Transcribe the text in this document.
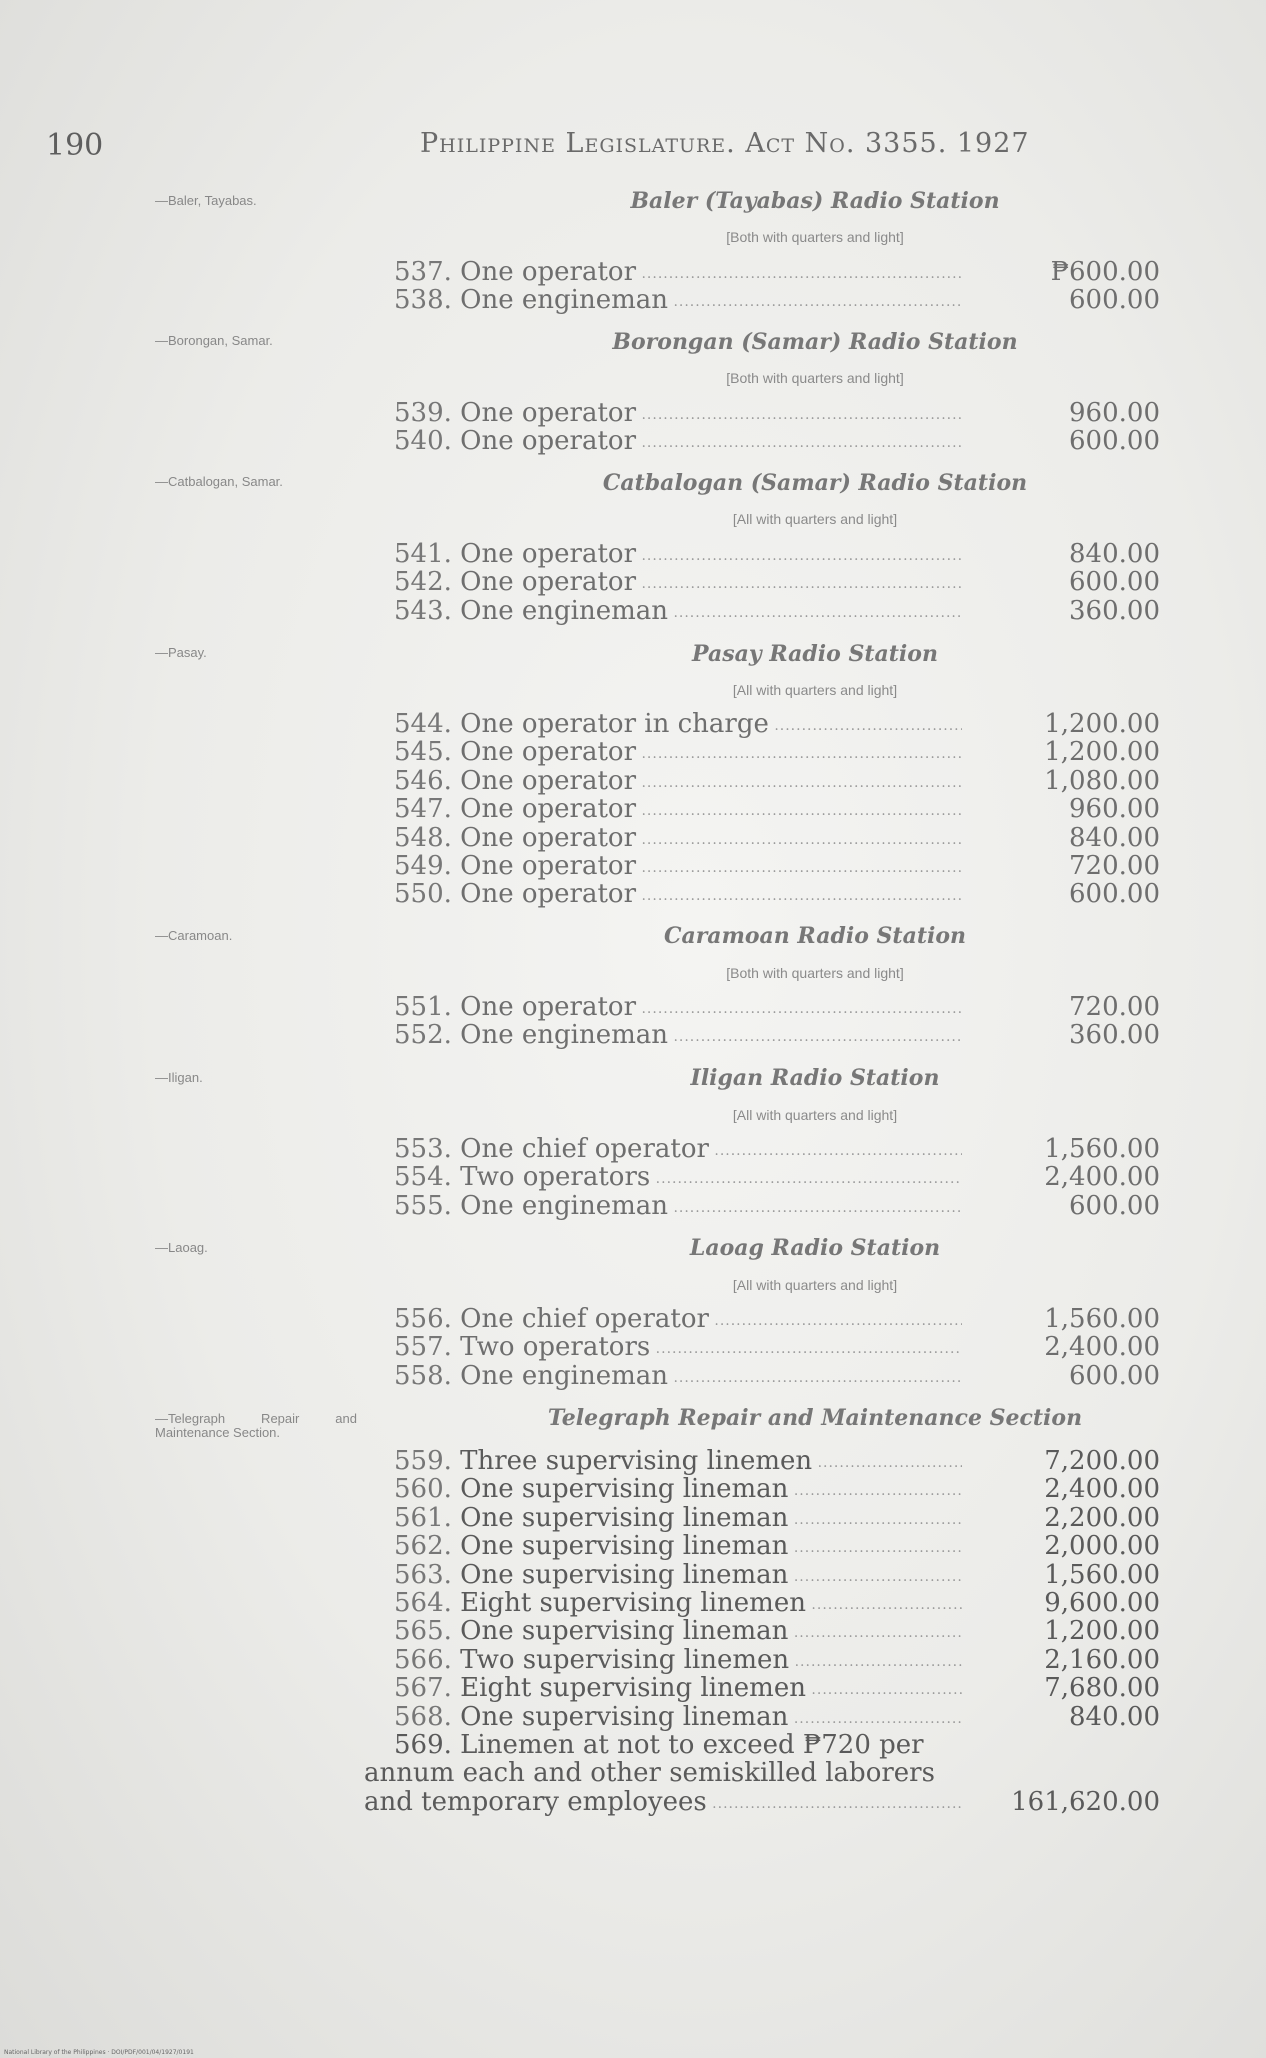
190	Philippine Legislature. Act No. 3355. 1927
—Baler, Tayabas.	Baler (Tayabas) Radio Station
[Both with quarters and light]
537. One operator .....	₱600.00
538. One engineman .....	600.00
—Borongan, Samar.	Borongan (Samar) Radio Station
[Both with quarters and light]
539. One operator .....	960.00
540. One operator .....	600.00
—Catbalogan, Samar.	Catbalogan (Samar) Radio Station
[All with quarters and light]
541. One operator .....	840.00
542. One operator .....	600.00
543. One engineman .....	360.00
—Pasay.	Pasay Radio Station
[All with quarters and light]
544. One operator in charge .....	1,200.00
545. One operator .....	1,200.00
546. One operator .....	1,080.00
547. One operator .....	960.00
548. One operator .....	840.00
549. One operator .....	720.00
550. One operator .....	600.00
—Caramoan.	Caramoan Radio Station
[Both with quarters and light]
551. One operator .....	720.00
552. One engineman .....	360.00
—Iligan.	Iligan Radio Station
[All with quarters and light]
553. One chief operator .....	1,560.00
554. Two operators .....	2,400.00
555. One engineman .....	600.00
—Laoag.	Laoag Radio Station
[All with quarters and light]
556. One chief operator .....	1,560.00
557. Two operators .....	2,400.00
558. One engineman .....	600.00
—Telegraph Repair and Maintenance Section.
Telegraph Repair and Maintenance Section
559. Three supervising linemen .....	7,200.00
560. One supervising lineman .....	2,400.00
561. One supervising lineman .....	2,200.00
562. One supervising lineman .....	2,000.00
563. One supervising lineman .....	1,560.00
564. Eight supervising linemen .....	9,600.00
565. One supervising lineman .....	1,200.00
566. Two supervising linemen .....	2,160.00
567. Eight supervising linemen .....	7,680.00
568. One supervising lineman .....	840.00
569. Linemen at not to exceed ₱720 per
annum each and other semiskilled laborers
and temporary employees .....	161,620.00
National Library of the Philippines · DOI/PDF/001/04/1927/0191
